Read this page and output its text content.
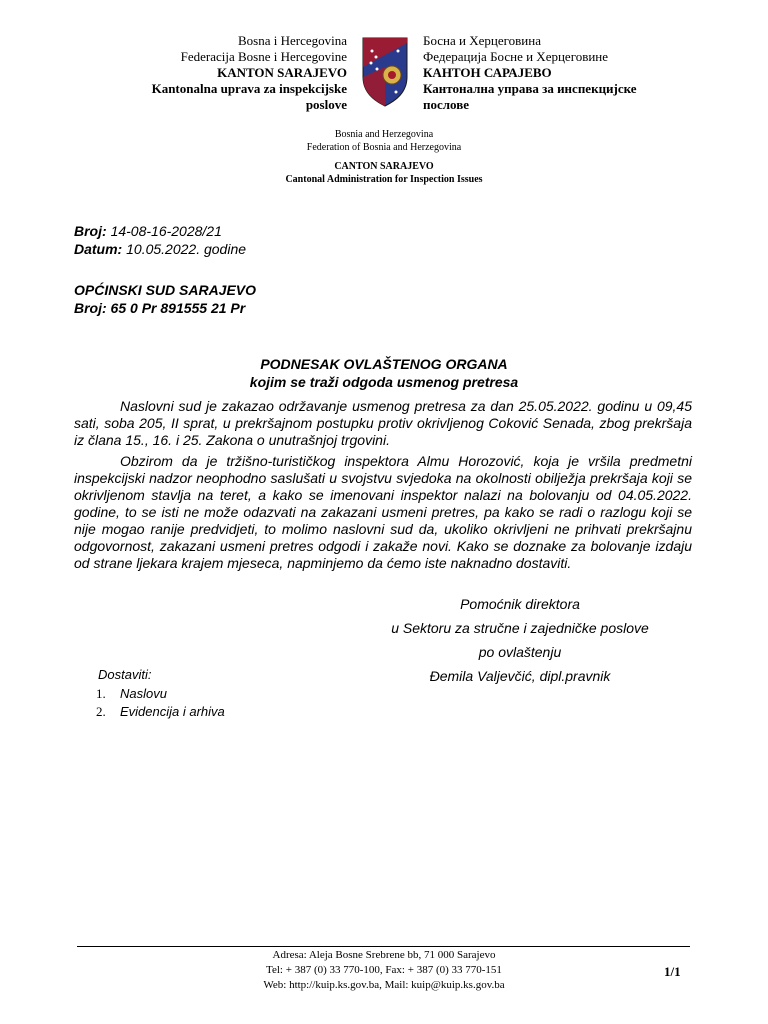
Bosna i Hercegovina
Federacija Bosne i Hercegovine
KANTON SARAJEVO
Kantonalna uprava za inspekcijske
poslove
Босна и Херцеговина
Федерација Босне и Херцеговине
КАНТОН САРАЈЕВО
Кантонална управа за инспекцијске
послове
Bosnia and Herzegovina
Federation of Bosnia and Herzegovina
CANTON SARAJEVO
Cantonal Administration for Inspection Issues
Broj: 14-08-16-2028/21
Datum: 10.05.2022. godine
OPĆINSKI SUD SARAJEVO
Broj: 65 0 Pr 891555 21 Pr
PODNESAK OVLAŠTENOG ORGANA
kojim se traži odgoda usmenog pretresa

Naslovni sud je zakazao održavanje usmenog pretresa za dan 25.05.2022. godinu u 09,45 sati, soba 205, II sprat, u prekršajnom postupku protiv okrivljenog Coković Senada, zbog prekršaja iz člana 15., 16. i 25. Zakona o unutrašnjoj trgovini.

Obzirom da je tržišno-turističkog inspektora Almu Horozović, koja je vršila predmetni inspekcijski nadzor neophodno saslušati u svojstvu svjedoka na okolnosti obilježja prekršaja koji se okrivljenom stavlja na teret, a kako se imenovani inspektor nalazi na bolovanju od 04.05.2022. godine, to se isti ne može odazvati na zakazani usmeni pretres, pa kako se radi o razlogu koji se nije mogao ranije predvidjeti, to molimo naslovni sud da, ukoliko okrivljeni ne prihvati prekršajnu odgovornost, zakazani usmeni pretres odgodi i zakaže novi. Kako se doznake za bolovanje izdaju od strane ljekara krajem mjeseca, napminjemo da ćemo iste naknadno dostaviti.

Pomoćnik direktora
u Sektoru za stručne i zajedničke poslove
po ovlaštenju
Đemila Valjevčić, dipl.pravnik
Dostaviti:
1. Naslovu
2. Evidencija i arhiva
Adresa: Aleja Bosne Srebrene bb, 71 000 Sarajevo
Tel: + 387 (0) 33 770-100, Fax: + 387 (0) 33 770-151
Web: http://kuip.ks.gov.ba, Mail: kuip@kuip.ks.gov.ba
1/1
